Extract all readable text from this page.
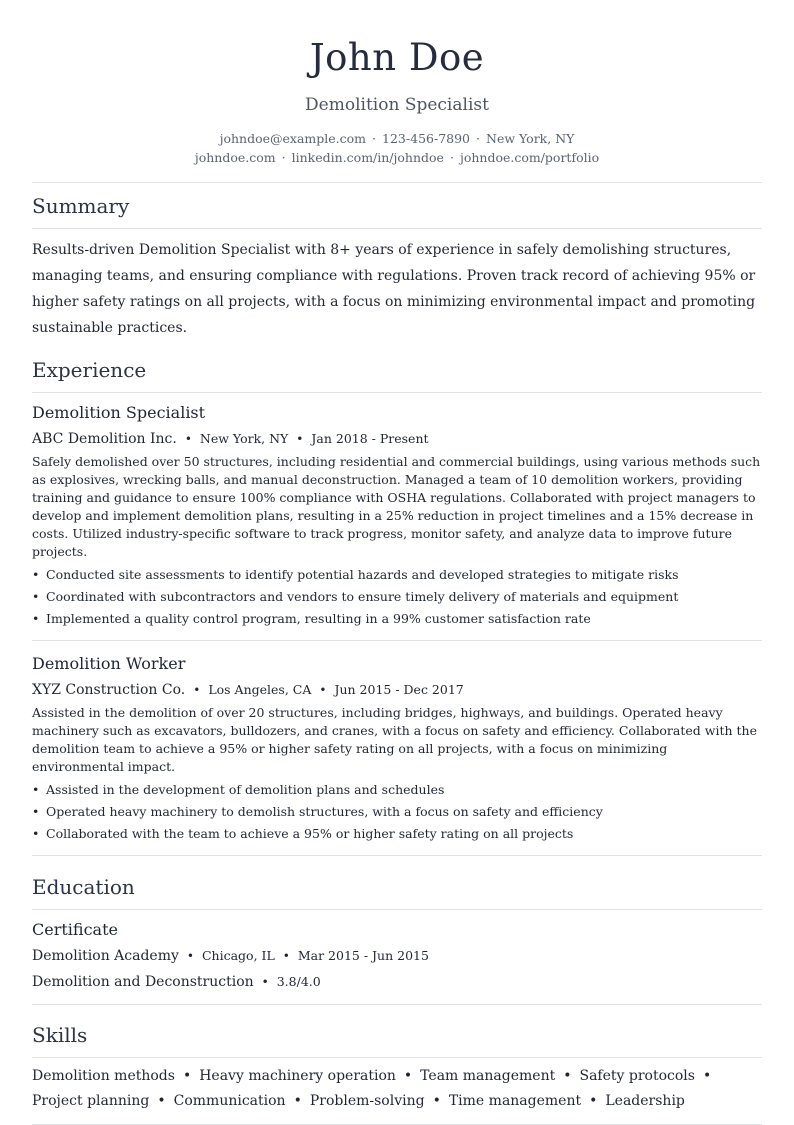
John Doe
Demolition Specialist
johndoe@example.com · 123-456-7890 · New York, NY
johndoe.com · linkedin.com/in/johndoe · johndoe.com/portfolio
Summary

Results-driven Demolition Specialist with 8+ years of experience in safely demolishing structures, managing teams, and ensuring compliance with regulations. Proven track record of achieving 95% or higher safety ratings on all projects, with a focus on minimizing environmental impact and promoting sustainable practices.

Experience
Demolition Specialist
ABC Demolition Inc. • New York, NY • Jan 2018 - Present

Safely demolished over 50 structures, including residential and commercial buildings, using various methods such as explosives, wrecking balls, and manual deconstruction. Managed a team of 10 demolition workers, providing training and guidance to ensure 100% compliance with OSHA regulations. Collaborated with project managers to develop and implement demolition plans, resulting in a 25% reduction in project timelines and a 15% decrease in costs. Utilized industry-specific software to track progress, monitor safety, and analyze data to improve future projects.

• Conducted site assessments to identify potential hazards and developed strategies to mitigate risks
• Coordinated with subcontractors and vendors to ensure timely delivery of materials and equipment
• Implemented a quality control program, resulting in a 99% customer satisfaction rate
Demolition Worker
XYZ Construction Co. • Los Angeles, CA • Jun 2015 - Dec 2017

Assisted in the demolition of over 20 structures, including bridges, highways, and buildings. Operated heavy machinery such as excavators, bulldozers, and cranes, with a focus on safety and efficiency. Collaborated with the demolition team to achieve a 95% or higher safety rating on all projects, with a focus on minimizing environmental impact.

• Assisted in the development of demolition plans and schedules
• Operated heavy machinery to demolish structures, with a focus on safety and efficiency
• Collaborated with the team to achieve a 95% or higher safety rating on all projects
Education
Certificate
Demolition Academy • Chicago, IL • Mar 2015 - Jun 2015
Demolition and Deconstruction • 3.8/4.0
Skills
Demolition methods • Heavy machinery operation • Team management • Safety protocols •
Project planning • Communication • Problem-solving • Time management • Leadership
